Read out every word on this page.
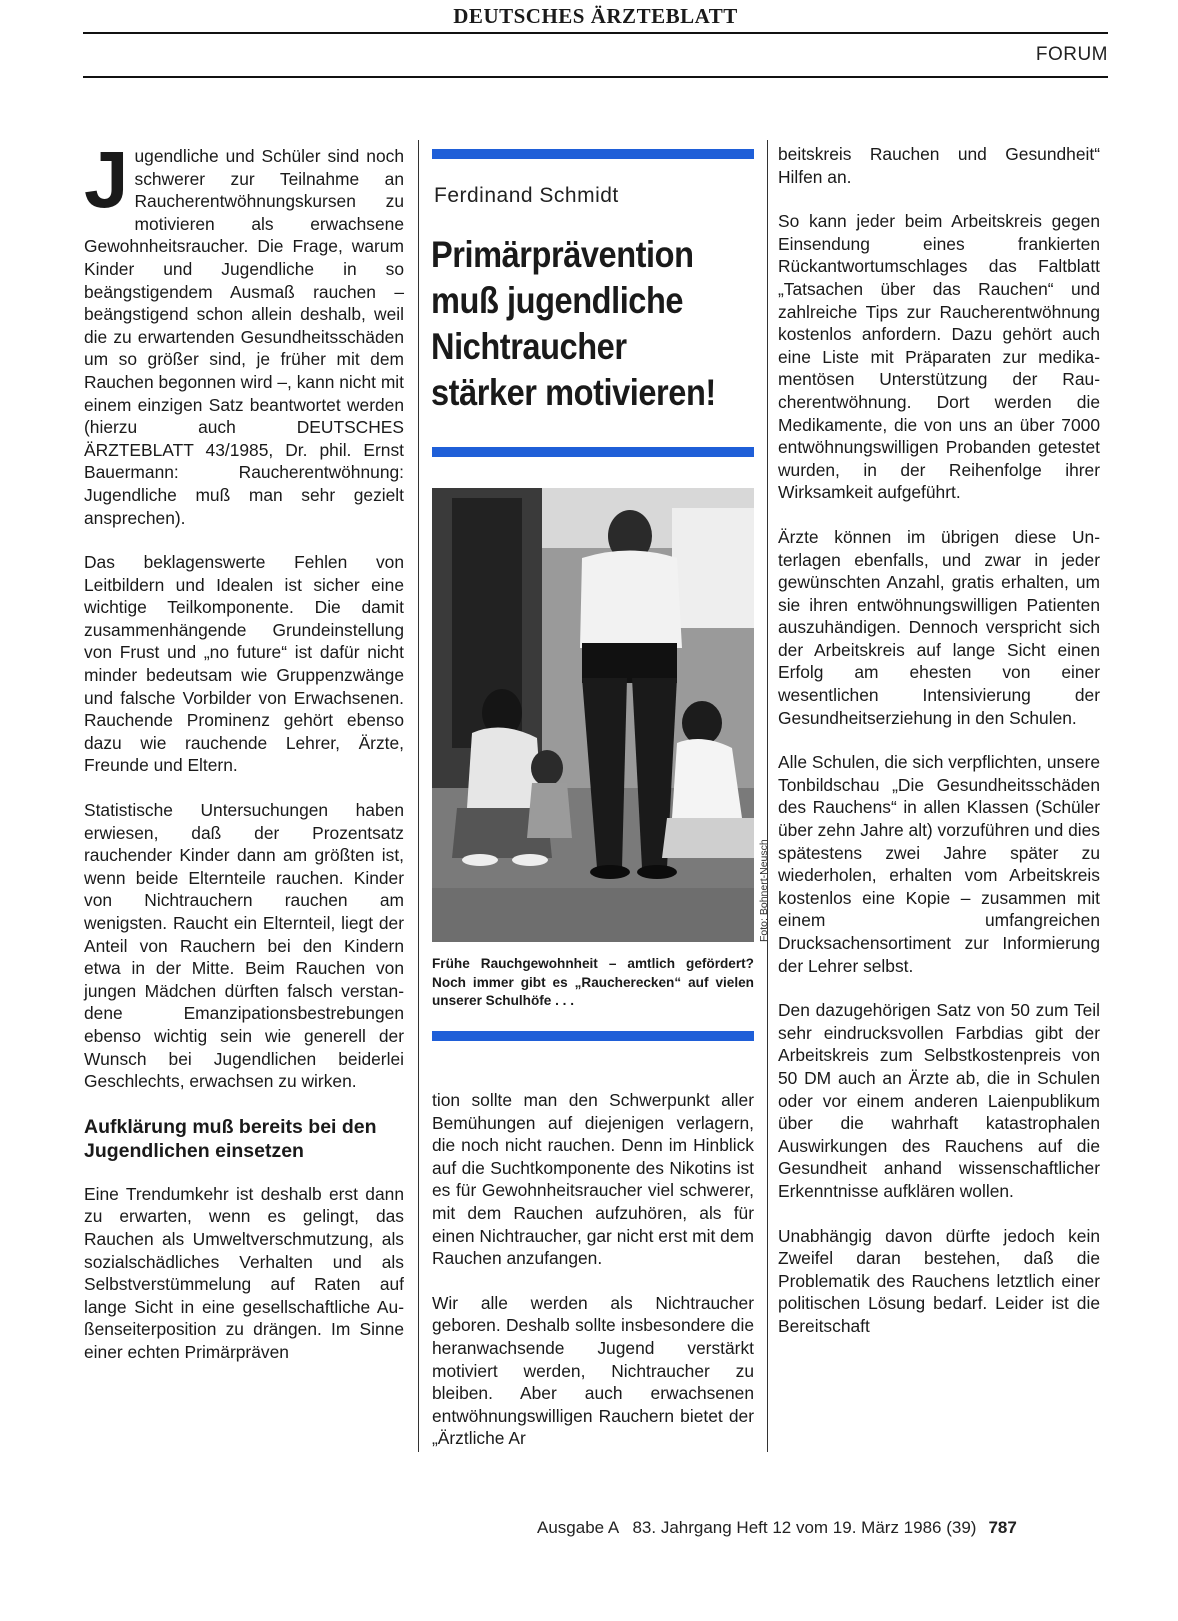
DEUTSCHES ÄRZTEBLATT
FORUM

Jugendliche und Schüler sind noch schwerer zur Teilnahme an Raucherentwöhnungskursen zu motivieren als erwachsene Gewohnheitsraucher. Die Frage, warum Kinder und Jugendliche in so beängstigendem Ausmaß rauchen – beängstigend schon allein deshalb, weil die zu erwartenden Gesundheitsschäden um so größer sind, je früher mit dem Rauchen begonnen wird –, kann nicht mit einem einzigen Satz beantwortet werden (hierzu auch DEUTSCHES ÄRZTEBLATT 43/1985, Dr. phil. Ernst Bauermann: Raucherentwöhnung: Jugendliche muß man sehr gezielt ansprechen).

Das beklagenswerte Fehlen von Leitbildern und Idealen ist sicher eine wichtige Teilkomponente. Die damit zusammenhängende Grundeinstellung von Frust und „no future“ ist dafür nicht minder bedeutsam wie Gruppenzwänge und falsche Vorbilder von Erwachsenen. Rauchende Prominenz gehört ebenso dazu wie rauchende Lehrer, Ärzte, Freunde und Eltern.

Statistische Untersuchungen haben erwiesen, daß der Prozentsatz rauchender Kinder dann am größten ist, wenn beide Elternteile rauchen. Kinder von Nichtrauchern rauchen am wenigsten. Raucht ein Elternteil, liegt der Anteil von Rauchern bei den Kindern etwa in der Mitte. Beim Rauchen von jungen Mädchen dürften falsch verstandene Emanzipationsbestrebungen ebenso wichtig sein wie generell der Wunsch bei Jugendlichen beiderlei Geschlechts, erwachsen zu wirken.

Aufklärung muß bereits bei den Jugendlichen einsetzen

Eine Trendumkehr ist deshalb erst dann zu erwarten, wenn es gelingt, das Rauchen als Umweltverschmutzung, als sozialschädliches Verhalten und als Selbstverstümmelung auf Raten auf lange Sicht in eine gesellschaftliche Außenseiterposition zu drängen. Im Sinne einer echten Primärpräven

Ferdinand Schmidt
Primärprävention
muß jugendliche
Nichtraucher
stärker motivieren!
Foto: Bohnert-Neusch
Frühe Rauchgewohnheit – amtlich gefördert? Noch immer gibt es „Raucherecken“ auf vielen unserer Schulhöfe . . .

tion sollte man den Schwerpunkt aller Bemühungen auf diejenigen verlagern, die noch nicht rauchen. Denn im Hinblick auf die Suchtkomponente des Nikotins ist es für Gewohnheitsraucher viel schwerer, mit dem Rauchen aufzuhören, als für einen Nichtraucher, gar nicht erst mit dem Rauchen anzufangen.

Wir alle werden als Nichtraucher geboren. Deshalb sollte insbesondere die heranwachsende Jugend verstärkt motiviert werden, Nichtraucher zu bleiben. Aber auch erwachsenen entwöhnungswilligen Rauchern bietet der „Ärztliche Ar

beitskreis Rauchen und Gesundheit“ Hilfen an.

So kann jeder beim Arbeitskreis gegen Einsendung eines frankierten Rückantwortumschlages das Faltblatt „Tatsachen über das Rauchen“ und zahlreiche Tips zur Raucherentwöhnung kostenlos anfordern. Dazu gehört auch eine Liste mit Präparaten zur medikamentösen Unterstützung der Raucherentwöhnung. Dort werden die Medikamente, die von uns an über 7000 entwöhnungswilligen Probanden getestet wurden, in der Reihenfolge ihrer Wirksamkeit aufgeführt.

Ärzte können im übrigen diese Unterlagen ebenfalls, und zwar in jeder gewünschten Anzahl, gratis erhalten, um sie ihren entwöhnungswilligen Patienten auszuhändigen. Dennoch verspricht sich der Arbeitskreis auf lange Sicht einen Erfolg am ehesten von einer wesentlichen Intensivierung der Gesundheitserziehung in den Schulen.

Alle Schulen, die sich verpflichten, unsere Tonbildschau „Die Gesundheitsschäden des Rauchens“ in allen Klassen (Schüler über zehn Jahre alt) vorzuführen und dies spätestens zwei Jahre später zu wiederholen, erhalten vom Arbeitskreis kostenlos eine Kopie – zusammen mit einem umfangreichen Drucksachensortiment zur Informierung der Lehrer selbst.

Den dazugehörigen Satz von 50 zum Teil sehr eindrucksvollen Farbdias gibt der Arbeitskreis zum Selbstkostenpreis von 50 DM auch an Ärzte ab, die in Schulen oder vor einem anderen Laienpublikum über die wahrhaft katastrophalen Auswirkungen des Rauchens auf die Gesundheit anhand wissenschaftlicher Erkenntnisse aufklären wollen.

Unabhängig davon dürfte jedoch kein Zweifel daran bestehen, daß die Problematik des Rauchens letztlich einer politischen Lösung bedarf. Leider ist die Bereitschaft

Ausgabe A   83. Jahrgang Heft 12 vom 19. März 1986 (39) 787
